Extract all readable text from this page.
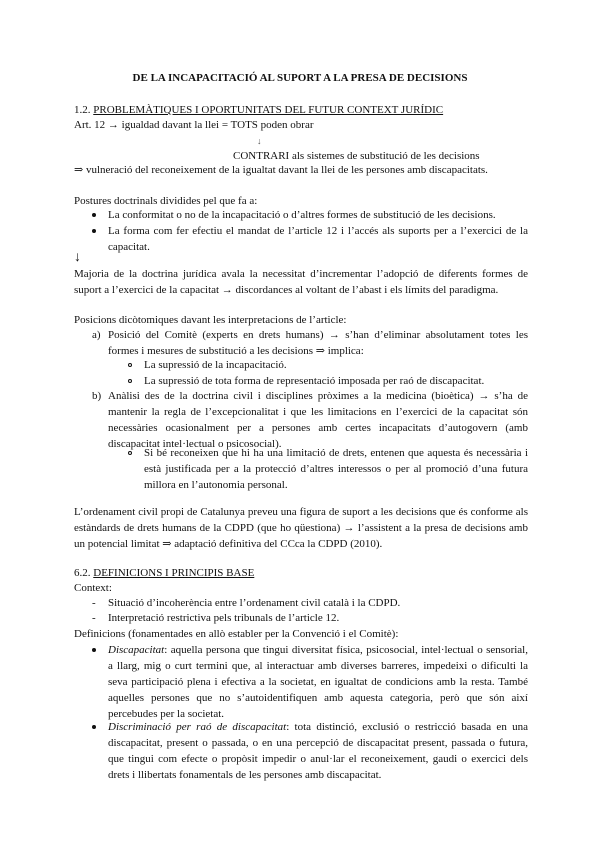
DE LA INCAPACITACIÓ AL SUPORT A LA PRESA DE DECISIONS
1.2. PROBLEMÀTIQUES I OPORTUNITATS DEL FUTUR CONTEXT JURÍDIC
Art. 12 → igualdad davant la llei = TOTS poden obrar
↓
CONTRARI als sistemes de substitució de les decisions
⇒ vulneració del reconeixement de la igualtat davant la llei de les persones amb discapacitats.
Postures doctrinals dividides pel que fa a:
La conformitat o no de la incapacitació o d’altres formes de substitució de les decisions.
La forma com fer efectiu el mandat de l’article 12 i l’accés als suports per a l’exercici de la capacitat.
↓
Majoria de la doctrina jurídica avala la necessitat d’incrementar l’adopció de diferents formes de suport a l’exercici de la capacitat → discordances al voltant de l’abast i els límits del paradigma.
Posicions dicòtomiques davant les interpretacions de l’article:
a) Posició del Comitè (experts en drets humans) → s’han d’eliminar absolutament totes les formes i mesures de substitució a les decisions ⇒ implica:
La supressió de la incapacitació.
La supressió de tota forma de representació imposada per raó de discapacitat.
b) Anàlisi des de la doctrina civil i disciplines pròximes a la medicina (bioètica) → s’ha de mantenir la regla de l’excepcionalitat i que les limitacions en l’exercici de la capacitat són necessàries ocasionalment per a persones amb certes incapacitats d’autogovern (amb discapacitat intel·lectual o psicosocial).
Si bé reconeixen que hi ha una limitació de drets, entenen que aquesta és necessària i està justificada per a la protecció d’altres interessos o per al promoció d’una futura millora en l’autonomia personal.
L’ordenament civil propi de Catalunya preveu una figura de suport a les decisions que és conforme als estàndards de drets humans de la CDPD (que ho qüestiona) → l’assistent a la presa de decisions amb un potencial limitat ⇒ adaptació definitiva del CCca la CDPD (2010).
6.2. DEFINICIONS I PRINCIPIS BASE
Context:
- Situació d’incoherència entre l’ordenament civil català i la CDPD.
- Interpretació restrictiva pels tribunals de l’article 12.
Definicions (fonamentades en allò establer per la Convenció i el Comitè):
Discapacitat: aquella persona que tingui diversitat física, psicosocial, intel·lectual o sensorial, a llarg, mig o curt termini que, al interactuar amb diverses barreres, impedeixi o dificulti la seva participació plena i efectiva a la societat, en igualtat de condicions amb la resta. També aquelles persones que no s’autoidentifiquen amb aquesta categoria, però que són així percebudes per la societat.
Discriminació per raó de discapacitat: tota distinció, exclusió o restricció basada en una discapacitat, present o passada, o en una percepció de discapacitat present, passada o futura, que tingui com efecte o propòsit impedir o anul·lar el reconeixement, gaudi o exercici dels drets i llibertats fonamentals de les persones amb discapacitat.
